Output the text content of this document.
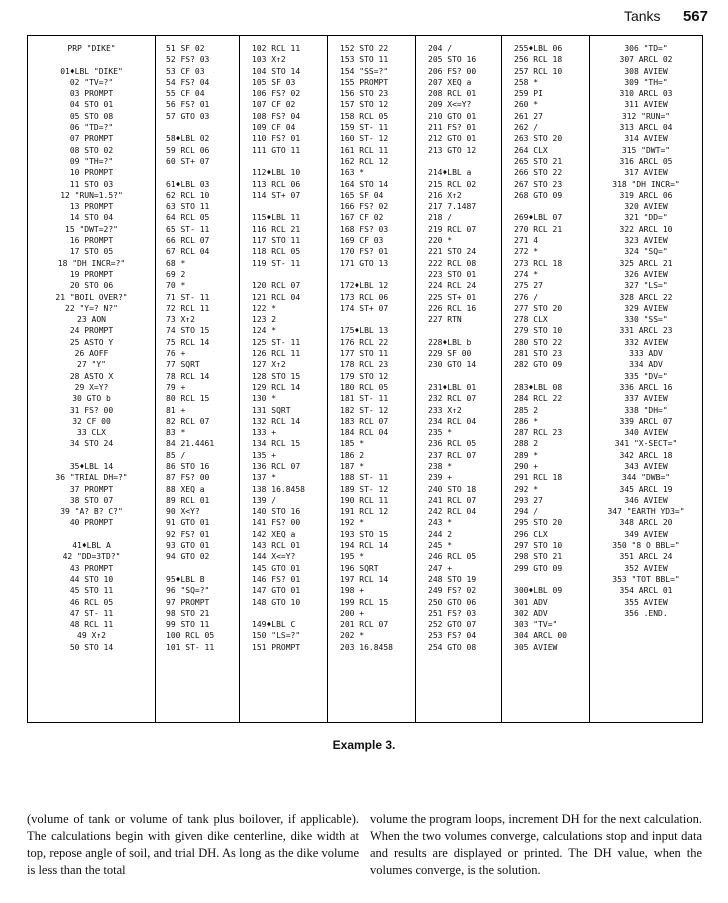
Tanks 567
PRP "DIKE"
01♦LBL "DIKE"
02 "TV=?"
03 PROMPT
04 STO 01
05 STO 08
06 "TD=?"
07 PROMPT
08 STO 02
09 "TH=?"
10 PROMPT
11 STO 03
12 "RUN=1.5?"
13 PROMPT
14 STO 04
15 "DWT=2?"
16 PROMPT
17 STO 05
18 "DH INCR=?"
19 PROMPT
20 STO 06
21 "BOIL OVER?"
22 "Y=? N?"
23 AON
24 PROMPT
25 ASTO Y
26 AOFF
27 "Y"
28 ASTO X
29 X=Y?
30 GTO b
31 FS? 00
32 CF 00
33 CLX
34 STO 24
35♦LBL 14
36 "TRIAL DH=?"
37 PROMPT
38 STO 07
39 "A? B? C?"
40 PROMPT
41♦LBL A
42 "DD=3TD?"
43 PROMPT
44 STO 10
45 STO 11
46 RCL 05
47 ST- 11
48 RCL 11
49 X↑2
50 STO 14
51 SF 02
52 FS? 03
53 CF 03
54 FS? 04
55 CF 04
56 FS? 01
57 GTO 03
58♦LBL 02
59 RCL 06
60 ST+ 07
61♦LBL 03
62 RCL 10
63 STO 11
64 RCL 05
65 ST- 11
66 RCL 07
67 RCL 04
68 *
69 2
70 *
71 ST- 11
72 RCL 11
73 X↑2
74 STO 15
75 RCL 14
76 +
77 SQRT
78 RCL 14
79 +
80 RCL 15
81 +
82 RCL 07
83 *
84 21.4461
85 /
86 STO 16
87 FS? 00
88 XEQ a
89 RCL 01
90 X<Y?
91 GTO 01
92 FS? 01
93 GTO 01
94 GTO 02
95♦LBL B
96 "SQ=?"
97 PROMPT
98 STO 21
99 STO 11
100 RCL 05
101 ST- 11
102 RCL 11
103 X↑2
104 STO 14
105 SF 03
106 FS? 02
107 CF 02
108 FS? 04
109 CF 04
110 FS? 01
111 GTO 11
112♦LBL 10
113 RCL 06
114 ST+ 07
115♦LBL 11
116 RCL 21
117 STO 11
118 RCL 05
119 ST- 11
120 RCL 07
121 RCL 04
122 *
123 2
124 *
125 ST- 11
126 RCL 11
127 X↑2
128 STO 15
129 RCL 14
130 *
131 SQRT
132 RCL 14
133 +
134 RCL 15
135 +
136 RCL 07
137 *
138 16.8458
139 /
140 STO 16
141 FS? 00
142 XEQ a
143 RCL 01
144 X<=Y?
145 GTO 01
146 FS? 01
147 GTO 01
148 GTO 10
149♦LBL C
150 "LS=?"
151 PROMPT
152 STO 22
153 STO 11
154 "SS=?"
155 PROMPT
156 STO 23
157 STO 12
158 RCL 05
159 ST- 11
160 ST- 12
161 RCL 11
162 RCL 12
163 *
164 STO 14
165 SF 04
166 FS? 02
167 CF 02
168 FS? 03
169 CF 03
170 FS? 01
171 GTO 13
172♦LBL 12
173 RCL 06
174 ST+ 07
175♦LBL 13
176 RCL 22
177 STO 11
178 RCL 23
179 STO 12
180 RCL 05
181 ST- 11
182 ST- 12
183 RCL 07
184 RCL 04
185 *
186 2
187 *
188 ST- 11
189 ST- 12
190 RCL 11
191 RCL 12
192 *
193 STO 15
194 RCL 14
195 *
196 SQRT
197 RCL 14
198 +
199 RCL 15
200 +
201 RCL 07
202 *
203 16.8458
204 /
205 STO 16
206 FS? 00
207 XEQ a
208 RCL 01
209 X<=Y?
210 GTO 01
211 FS? 01
212 GTO 01
213 GTO 12
214♦LBL a
215 RCL 02
216 X↑2
217 7.1487
218 /
219 RCL 07
220 *
221 STO 24
222 RCL 08
223 STO 01
224 RCL 24
225 ST+ 01
226 RCL 16
227 RTN
228♦LBL b
229 SF 00
230 GTO 14
231♦LBL 01
232 RCL 07
233 X↑2
234 RCL 04
235 *
236 RCL 05
237 RCL 07
238 *
239 +
240 STO 18
241 RCL 07
242 RCL 04
243 *
244 2
245 *
246 RCL 05
247 +
248 STO 19
249 FS? 02
250 GTO 06
251 FS? 03
252 GTO 07
253 FS? 04
254 GTO 08
255♦LBL 06
256 RCL 18
257 RCL 10
258 *
259 PI
260 *
261 27
262 /
263 STO 20
264 CLX
265 STO 21
266 STO 22
267 STO 23
268 GTO 09
269♦LBL 07
270 RCL 21
271 4
272 *
273 RCL 18
274 *
275 27
276 /
277 STO 20
278 CLX
279 STO 10
280 STO 22
281 STO 23
282 GTO 09
283♦LBL 08
284 RCL 22
285 2
286 *
287 RCL 23
288 2
289 *
290 +
291 RCL 18
292 *
293 27
294 /
295 STO 20
296 CLX
297 STO 10
298 STO 21
299 GTO 09
300♦LBL 09
301 ADV
302 ADV
303 "TV="
304 ARCL 00
305 AVIEW
306 "TD="
307 ARCL 02
308 AVIEW
309 "TH="
310 ARCL 03
311 AVIEW
312 "RUN="
313 ARCL 04
314 AVIEW
315 "DWT="
316 ARCL 05
317 AVIEW
318 "DH INCR="
319 ARCL 06
320 AVIEW
321 "DD="
322 ARCL 10
323 AVIEW
324 "SQ="
325 ARCL 21
326 AVIEW
327 "LS="
328 ARCL 22
329 AVIEW
330 "SS="
331 ARCL 23
332 AVIEW
333 ADV
334 ADV
335 "DV="
336 ARCL 16
337 AVIEW
338 "DH="
339 ARCL 07
340 AVIEW
341 "X-SECT="
342 ARCL 18
343 AVIEW
344 "DWB="
345 ARCL 19
346 AVIEW
347 "EARTH YD3="
348 ARCL 20
349 AVIEW
350 "8 O BBL="
351 ARCL 24
352 AVIEW
353 "TOT BBL="
354 ARCL 01
355 AVIEW
356 .END.
Example 3.

(volume of tank or volume of tank plus boilover, if applicable). The calculations begin with given dike centerline, dike width at top, repose angle of soil, and trial DH. As long as the dike volume is less than the total

volume the program loops, increment DH for the next calculation. When the two volumes converge, calculations stop and input data and results are displayed or printed. The DH value, when the volumes converge, is the solution.
